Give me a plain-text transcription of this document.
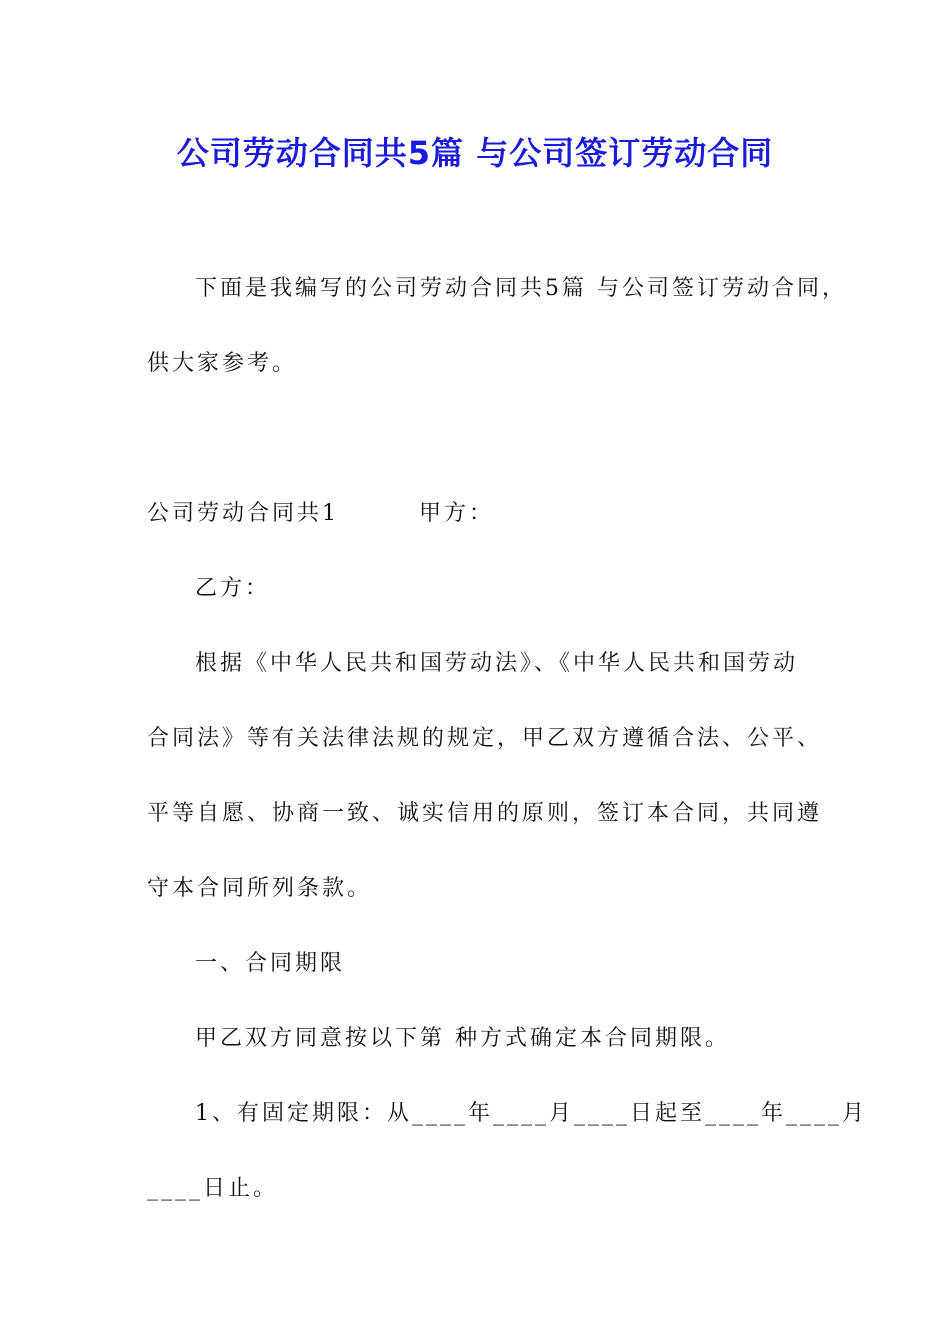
公司劳动合同共5篇 与公司签订劳动合同
下面是我编写的公司劳动合同共5篇 与公司签订劳动合同，
供大家参考。
公司劳动合同共1        甲方：
乙方：
根据《中华人民共和国劳动法》、《中华人民共和国劳动
合同法》等有关法律法规的规定，甲乙双方遵循合法、公平、
平等自愿、协商一致、诚实信用的原则，签订本合同，共同遵
守本合同所列条款。
一、合同期限
甲乙双方同意按以下第 种方式确定本合同期限。
1、有固定期限：从____年____月____日起至____年____月
____日止。
